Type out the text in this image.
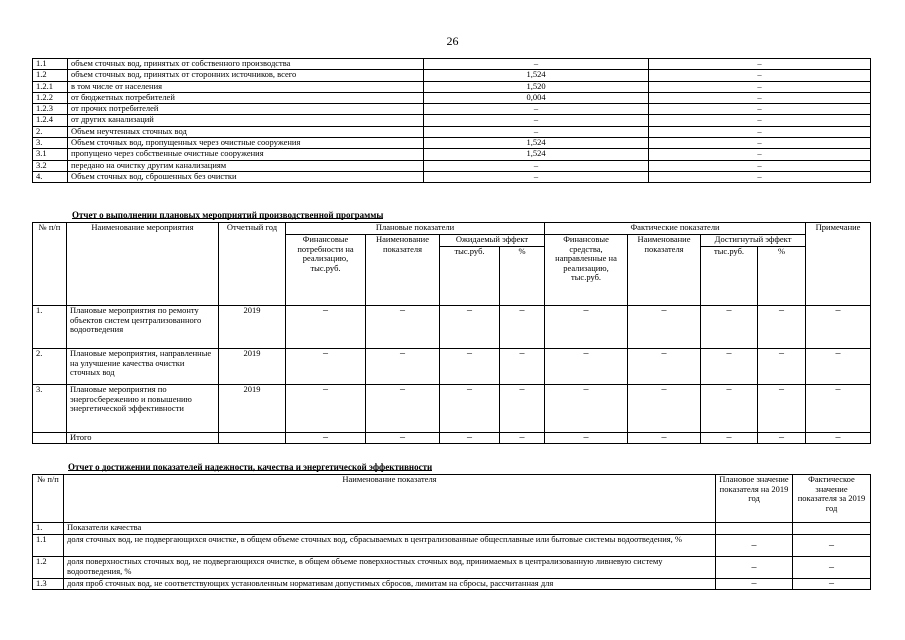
26
1.1	объем сточных вод, принятых от собственного производства	–	–
1.2	объем сточных вод, принятых от сторонних источников, всего	1,524	–
1.2.1	в том числе от населения	1,520	–
1.2.2	от бюджетных потребителей	0,004	–
1.2.3	от прочих потребителей	–	–
1.2.4	от других канализаций	–	–
2.	Объем неучтенных сточных вод	–	–
3.	Объем сточных вод, пропущенных через очистные сооружения	1,524	–
3.1	пропущено через собственные очистные сооружения	1,524	–
3.2	передано на очистку другим канализациям	–	–
4.	Объем сточных вод, сброшенных без очистки	–	–
Отчет о выполнении плановых мероприятий производственной программы
№ п/п	Наименование мероприятия	Отчетный год	Плановые показатели				Фактические показатели				Примечание
			Финансовые потребности на реализацию, тыс.руб.	Наименование показателя	Ожидаемый эффект		Финансовые средства, направленные на реализацию, тыс.руб.	Наименование показателя	Достигнутый эффект		
					тыс.руб.	%			тыс.руб.	%	
1.	Плановые мероприятия по ремонту объектов систем централизованного водоотведения	2019	–	–	–	–	–	–	–	–	–
2.	Плановые мероприятия, направленные на улучшение качества очистки сточных вод	2019	–	–	–	–	–	–	–	–	–
3.	Плановые мероприятия по энергосбережению и повышению энергетической эффективности	2019	–	–	–	–	–	–	–	–	–
	Итого		–	–	–	–	–	–	–	–	–
Отчет о достижении показателей надежности, качества и энергетической эффективности
№ п/п	Наименование показателя	Плановое значение показателя на 2019 год	Фактическое значение показателя за 2019 год
1.	Показатели качества		
1.1	доля сточных вод, не подвергающихся очистке, в общем объеме сточных вод, сбрасываемых в централизованные общесплавные или бытовые системы водоотведения, %	–	–
1.2	доля поверхностных сточных вод, не подвергающихся очистке, в общем объеме поверхностных сточных вод, принимаемых в централизованную ливневую систему водоотведения, %	–	–
1.3	доля проб сточных вод, не соответствующих установленным нормативам допустимых сбросов, лимитам на сбросы, рассчитанная для	–	–
